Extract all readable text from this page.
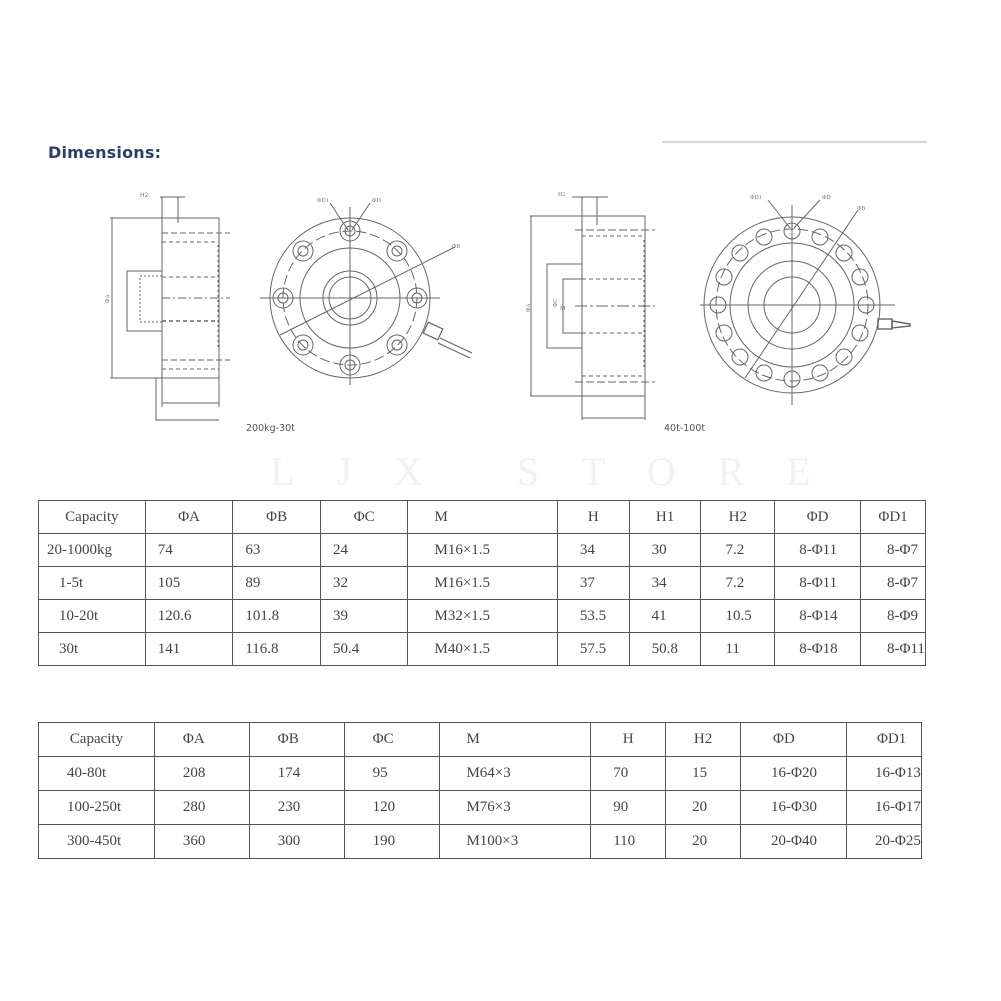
Dimensions:
H2
ΦA
ΦB
ΦD1	ΦD
200kg-30t
H2
ΦA
ΦC
M
ΦB
ΦD1	ΦD
40t-100t
LJX STORE
Capacity	ΦA	ΦB	ΦC	M	H	H1	H2	ΦD	ΦD1
20-1000kg	74	63	24	M16×1.5	34	30	7.2	8-Φ11	8-Φ7
1-5t	105	89	32	M16×1.5	37	34	7.2	8-Φ11	8-Φ7
10-20t	120.6	101.8	39	M32×1.5	53.5	41	10.5	8-Φ14	8-Φ9
30t	141	116.8	50.4	M40×1.5	57.5	50.8	11	8-Φ18	8-Φ11
Capacity	ΦA	ΦB	ΦC	M	H	H2	ΦD	ΦD1
40-80t	208	174	95	M64×3	70	15	16-Φ20	16-Φ13
100-250t	280	230	120	M76×3	90	20	16-Φ30	16-Φ17
300-450t	360	300	190	M100×3	110	20	20-Φ40	20-Φ25
